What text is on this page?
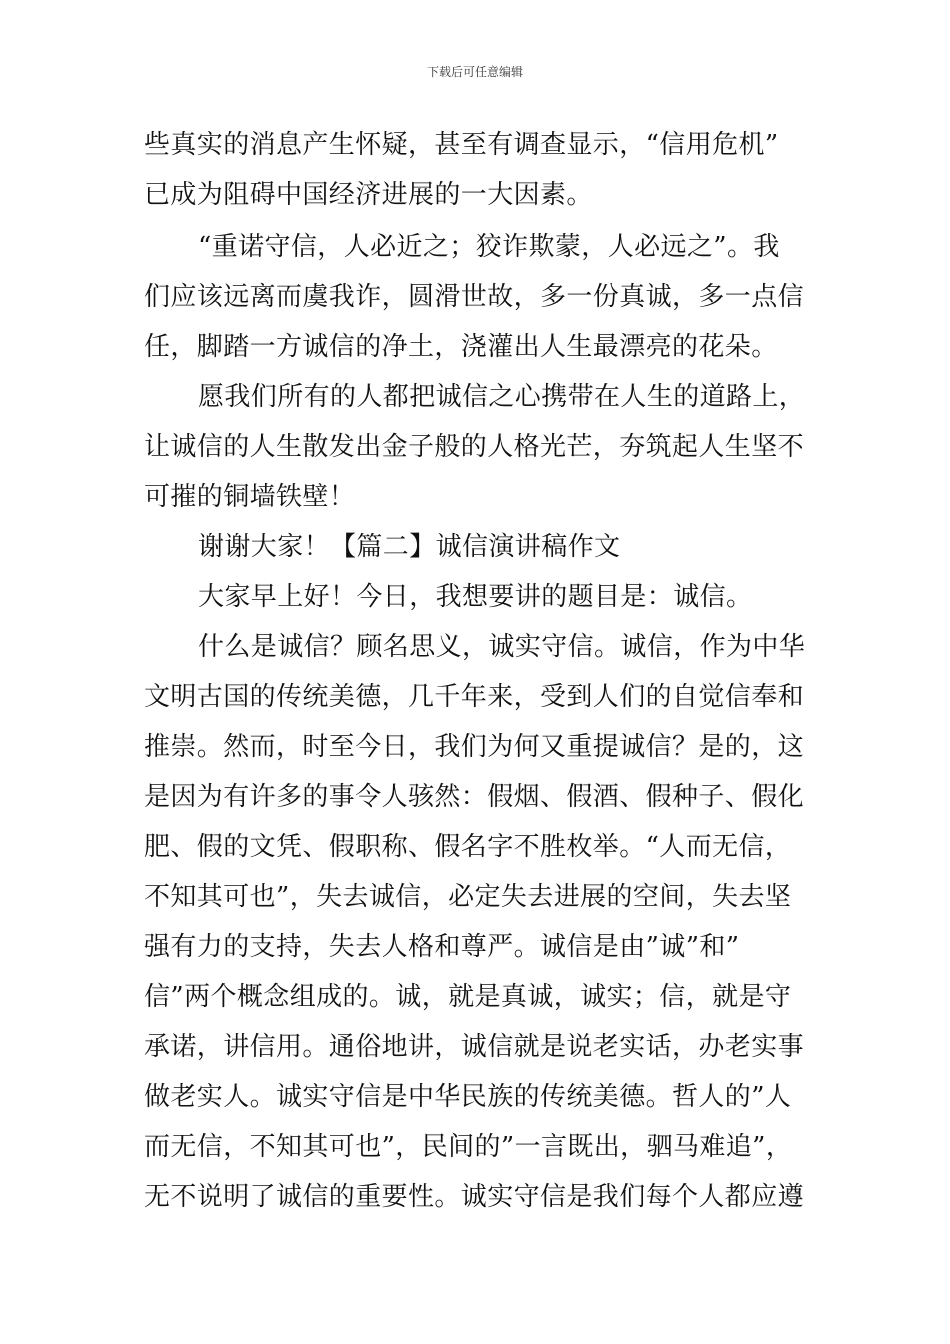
下载后可任意编辑
些真实的消息产生怀疑，甚至有调查显示，“信用危机”
已成为阻碍中国经济进展的一大因素。
“重诺守信，人必近之；狡诈欺蒙，人必远之”。我
们应该远离而虞我诈，圆滑世故，多一份真诚，多一点信
任，脚踏一方诚信的净土，浇灌出人生最漂亮的花朵。
愿我们所有的人都把诚信之心携带在人生的道路上，
让诚信的人生散发出金子般的人格光芒，夯筑起人生坚不
可摧的铜墙铁壁！
谢谢大家！【篇二】诚信演讲稿作文
大家早上好！今日，我想要讲的题目是：诚信。
什么是诚信？顾名思义，诚实守信。诚信，作为中华
文明古国的传统美德，几千年来，受到人们的自觉信奉和
推崇。然而，时至今日，我们为何又重提诚信？是的，这
是因为有许多的事令人骇然：假烟、假酒、假种子、假化
肥、假的文凭、假职称、假名字不胜枚举。“人而无信，
不知其可也”，失去诚信，必定失去进展的空间，失去坚
强有力的支持，失去人格和尊严。诚信是由”诚”和”
信”两个概念组成的。诚，就是真诚，诚实；信，就是守
承诺，讲信用。通俗地讲，诚信就是说老实话，办老实事
做老实人。诚实守信是中华民族的传统美德。哲人的”人
而无信，不知其可也”，民间的”一言既出，驷马难追”，
无不说明了诚信的重要性。诚实守信是我们每个人都应遵
